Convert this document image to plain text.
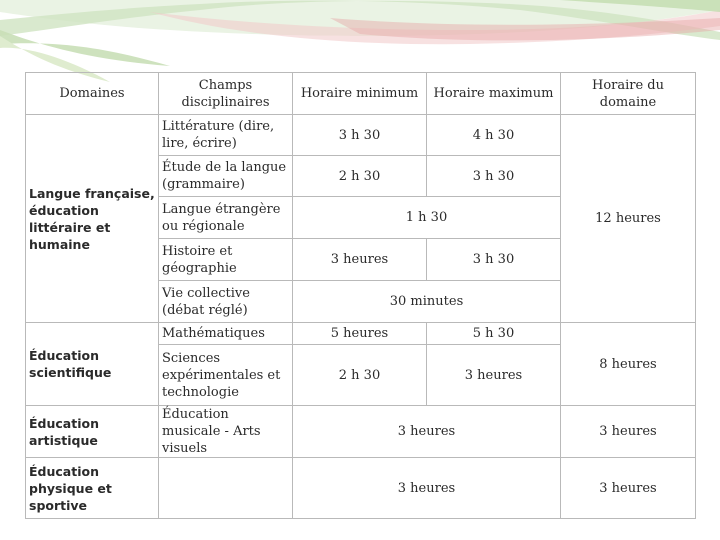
Domaines	Champs disciplinaires	Horaire minimum	Horaire maximum	Horaire du domaine
Langue française, éducation littéraire et humaine	Littérature (dire, lire, écrire)	3 h 30	4 h 30	12 heures
	Étude de la langue (grammaire)	2 h 30	3 h 30	
	Langue étrangère ou régionale	1 h 30		
	Histoire et géographie	3 heures	3 h 30	
	Vie collective (débat réglé)	30 minutes		
Éducation scientifique	Mathématiques	5 heures	5 h 30	8 heures
	Sciences expérimentales et technologie	2 h 30	3 heures	
Éducation artistique	Éducation musicale - Arts visuels	3 heures		3 heures
Éducation physique et sportive		3 heures		3 heures
